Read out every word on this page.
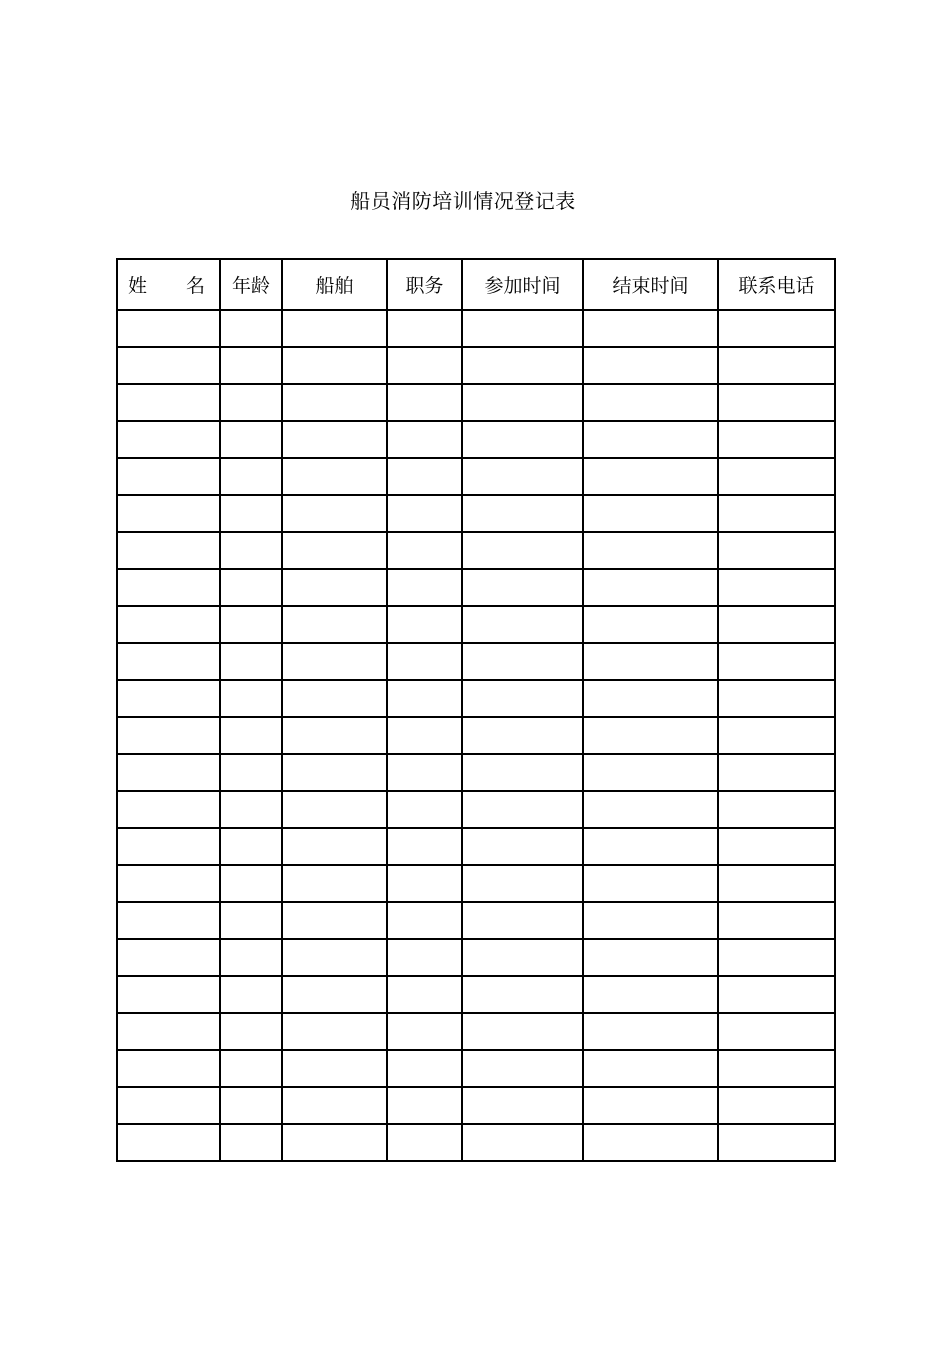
船员消防培训情况登记表
姓 名	年龄	船舶	职务	参加时间	结束时间	联系电话
